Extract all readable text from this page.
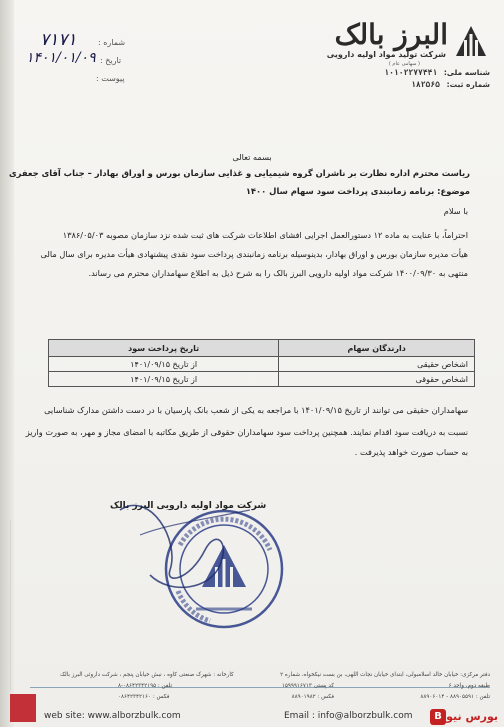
البرز بالک
شرکت تولید مواد اولیه دارویی
( سهامی عام )
شناسه ملی: ۱۰۱۰۲۲۷۷۴۴۱
شماره ثبت: ۱۸۲۵۶۵
شماره :
۷۱۷۱
تاریخ :
۱۴۰۱/۰۱/۰۹
پیوست :
بسمه تعالی
ریاست محترم اداره نظارت بر ناشران گروه شیمیایی و غذایی سازمان بورس و اوراق بهادار – جناب آقای جعفری
موضوع: برنامه زمانبندی پرداخت سود سهام سال ۱۴۰۰
با سلام
احتراماً، با عنایت به ماده ۱۲ دستورالعمل اجرایی افشای اطلاعات شرکت های ثبت شده نزد سازمان مصوبه ۱۳۸۶/۰۵/۰۳
هیأت مدیره سازمان بورس و اوراق بهادار، بدینوسیله برنامه زمانبندی پرداخت سود نقدی پیشنهادی هیأت مدیره برای سال مالی
منتهی به ۱۴۰۰/۰۹/۳۰ شرکت مواد اولیه دارویی البرز بالک را به شرح ذیل به اطلاع سهامداران محترم می رساند.
دارندگان سهام	تاریخ پرداخت سود
اشخاص حقیقی	از تاریخ ۱۴۰۱/۰۹/۱۵
اشخاص حقوقی	از تاریخ ۱۴۰۱/۰۹/۱۵
سهامداران حقیقی می توانند از تاریخ ۱۴۰۱/۰۹/۱۵ با مراجعه به یکی از شعب بانک پارسیان با در دست داشتن مدارک شناسایی
نسبت به دریافت سود اقدام نمایند. همچنین پرداخت سود سهامداران حقوقی از طریق مکاتبه با امضای مجاز و مهر، به صورت واریز
به حساب صورت خواهد پذیرفت .
شرکت مواد اولیه دارویی البرز بالک
دفتر مرکزی: خیابان خالد اسلامبولی، ابتدای خیابان نجات اللهی، بن بست نیکخواه، شماره ۲
طبقه دوم، واحد ۶
کد پستی ۱۵۹۹۹۱۶۷۱۳
تلفن : ۸۸۹۰۵۵۹۱ - ۸۸۹۰۶۰۱۴
فکس : ۸۸۹۰۱۹۸۲
کارخانه : شهرک صنعتی کاوه ، نبش خیابان پنجم ، شرکت داروئی البرز بالک
تلفن : ۰۸۶۴۲۳۴۲۱۹۵-۸
فکس : ۰۸۶۴۲۳۴۲۱۶۰
web site: www.alborzbulk.com	Email : info@alborzbulk.com	B
بورس نیوز
